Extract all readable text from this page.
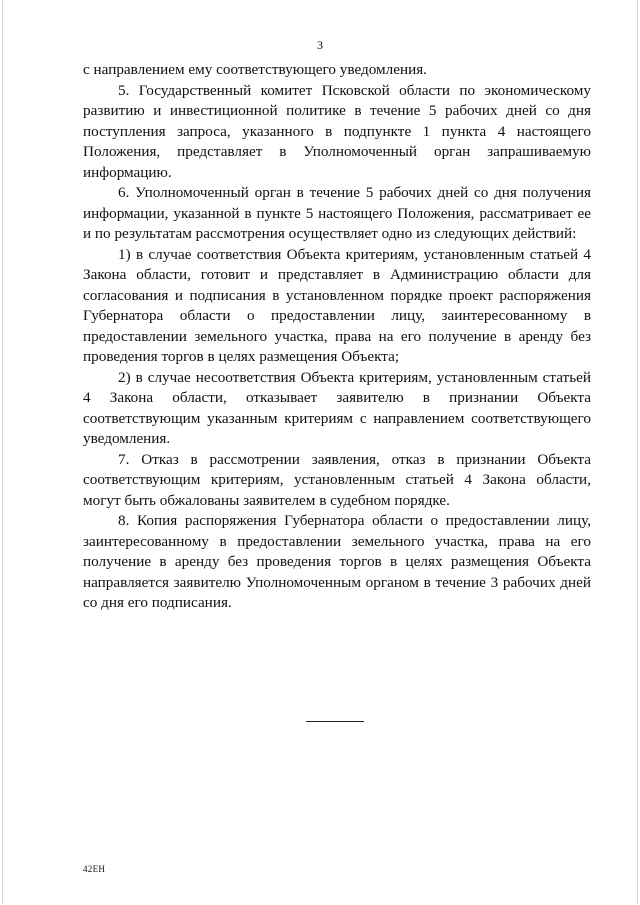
3

с направлением ему соответствующего уведомления.

5. Государственный комитет Псковской области по экономическому развитию и инвестиционной политике в течение 5 рабочих дней со дня поступления запроса, указанного в подпункте 1 пункта 4 настоящего Положения, представляет в Уполномоченный орган запрашиваемую информацию.

6. Уполномоченный орган в течение 5 рабочих дней со дня получения информации, указанной в пункте 5 настоящего Положения, рассматривает ее и по результатам рассмотрения осуществляет одно из следующих действий:

1) в случае соответствия Объекта критериям, установленным статьей 4 Закона области, готовит и представляет в Администрацию области для согласования и подписания в установленном порядке проект распоряжения Губернатора области о предоставлении лицу, заинтересованному в предоставлении земельного участка, права на его получение в аренду без проведения торгов в целях размещения Объекта;

2) в случае несоответствия Объекта критериям, установленным статьей 4 Закона области, отказывает заявителю в признании Объекта соответствующим указанным критериям с направлением соответствующего уведомления.

7. Отказ в рассмотрении заявления, отказ в признании Объекта соответствующим критериям, установленным статьей 4 Закона области, могут быть обжалованы заявителем в судебном порядке.

8. Копия распоряжения Губернатора области о предоставлении лицу, заинтересованному в предоставлении земельного участка, права на его получение в аренду без проведения торгов в целях размещения Объекта направляется заявителю Уполномоченным органом в течение 3 рабочих дней со дня его подписания.

42ЕН
